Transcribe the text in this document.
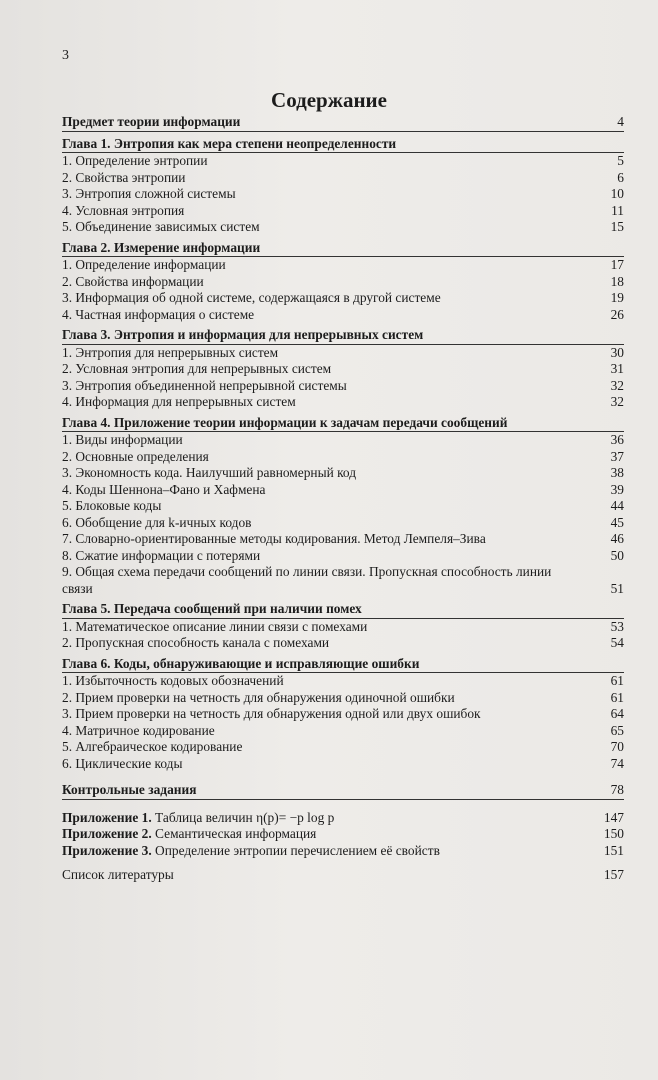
3
Содержание
Предмет теории информации	4
Глава 1. Энтропия как мера степени неопределенности
1. Определение энтропии	5
2. Свойства энтропии	6
3. Энтропия сложной системы	10
4. Условная энтропия	11
5. Объединение зависимых систем	15
Глава 2. Измерение информации
1. Определение информации	17
2. Свойства информации	18
3. Информация об одной системе, содержащаяся в другой системе	19
4. Частная информация о системе	26
Глава 3. Энтропия и информация для непрерывных систем
1. Энтропия для непрерывных систем	30
2. Условная энтропия для непрерывных систем	31
3. Энтропия объединенной непрерывной системы	32
4. Информация для непрерывных систем	32
Глава 4. Приложение теории информации к задачам передачи сообщений
1. Виды информации	36
2. Основные определения	37
3. Экономность кода. Наилучший равномерный код	38
4. Коды Шеннона–Фано и Хафмена	39
5. Блоковые коды	44
6. Обобщение для k-ичных кодов	45
7. Словарно-ориентированные методы кодирования. Метод Лемпеля–Зива	46
8. Сжатие информации с потерями	50
9. Общая схема передачи сообщений по линии связи. Пропускная способность линии связи	51
Глава 5. Передача сообщений при наличии помех
1. Математическое описание линии связи с помехами	53
2. Пропускная способность канала с помехами	54
Глава 6. Коды, обнаруживающие и исправляющие ошибки
1. Избыточность кодовых обозначений	61
2. Прием проверки на четность для обнаружения одиночной ошибки	61
3. Прием проверки на четность для обнаружения одной или двух ошибок	64
4. Матричное кодирование	65
5. Алгебраическое кодирование	70
6. Циклические коды	74
Контрольные задания	78
Приложение 1. Таблица величин η(p)= −p log p	147
Приложение 2. Семантическая информация	150
Приложение 3. Определение энтропии перечислением её свойств	151
Список литературы	157
